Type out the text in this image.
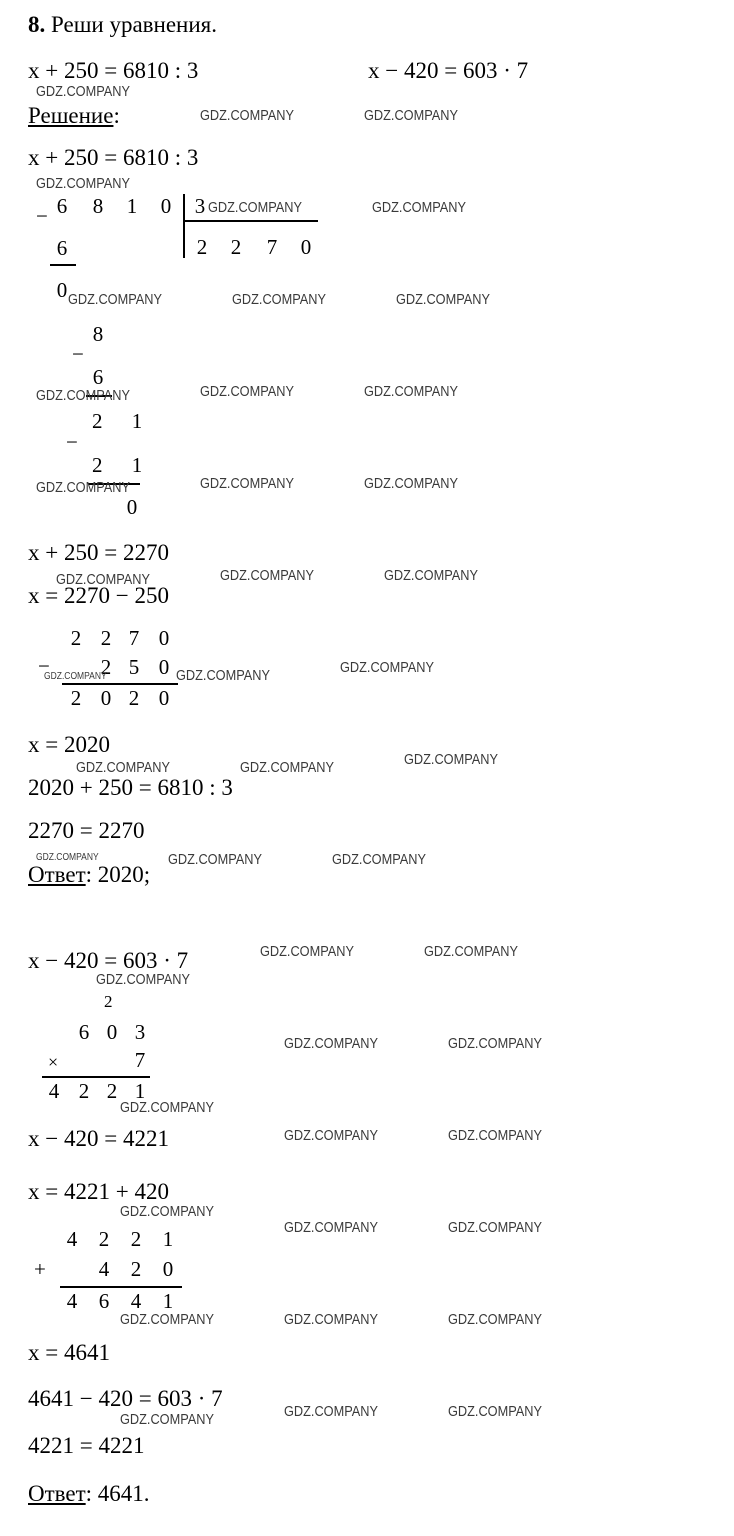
8. Реши уравнения.
x + 250 = 6810 : 3	x − 420 = 603 · 7
Решение:
x + 250 = 6810 : 3
6	8	1	0
−	3
2	2	7	0
6
0
−
8
6
−
2 1
2 1
0
x + 250 = 2270
x = 2270 − 250
2 2 7 0
−	2 5 0
2 0 2 0
x = 2020
2020 + 250 = 6810 : 3
2270 = 2270
Ответ: 2020;
x − 420 = 603 · 7
2
6 0 3
×	7
4 2 2 1
x − 420 = 4221
x = 4221 + 420
4	2	2	1
+	4	2	0
4	6	4	1
x = 4641
4641 − 420 = 603 · 7
4221 = 4221
Ответ: 4641.
GDZ.COMPANY
GDZ.COMPANY	GDZ.COMPANY
GDZ.COMPANY
GDZ.COMPANY	GDZ.COMPANY
GDZ.COMPANY	GDZ.COMPANY	GDZ.COMPANY
GDZ.COMPANY	GDZ.COMPANY	GDZ.COMPANY
GDZ.COMPANY	GDZ.COMPANY	GDZ.COMPANY
GDZ.COMPANY	GDZ.COMPANY	GDZ.COMPANY
GDZ.COMPANY	GDZ.COMPANY	GDZ.COMPANY
GDZ.COMPANY	GDZ.COMPANY	GDZ.COMPANY
GDZ.COMPANY	GDZ.COMPANY	GDZ.COMPANY
GDZ.COMPANY	GDZ.COMPANY
GDZ.COMPANY
GDZ.COMPANY	GDZ.COMPANY
GDZ.COMPANY
GDZ.COMPANY	GDZ.COMPANY
GDZ.COMPANY
GDZ.COMPANY	GDZ.COMPANY
GDZ.COMPANY	GDZ.COMPANY	GDZ.COMPANY
GDZ.COMPANY	GDZ.COMPANY	GDZ.COMPANY
